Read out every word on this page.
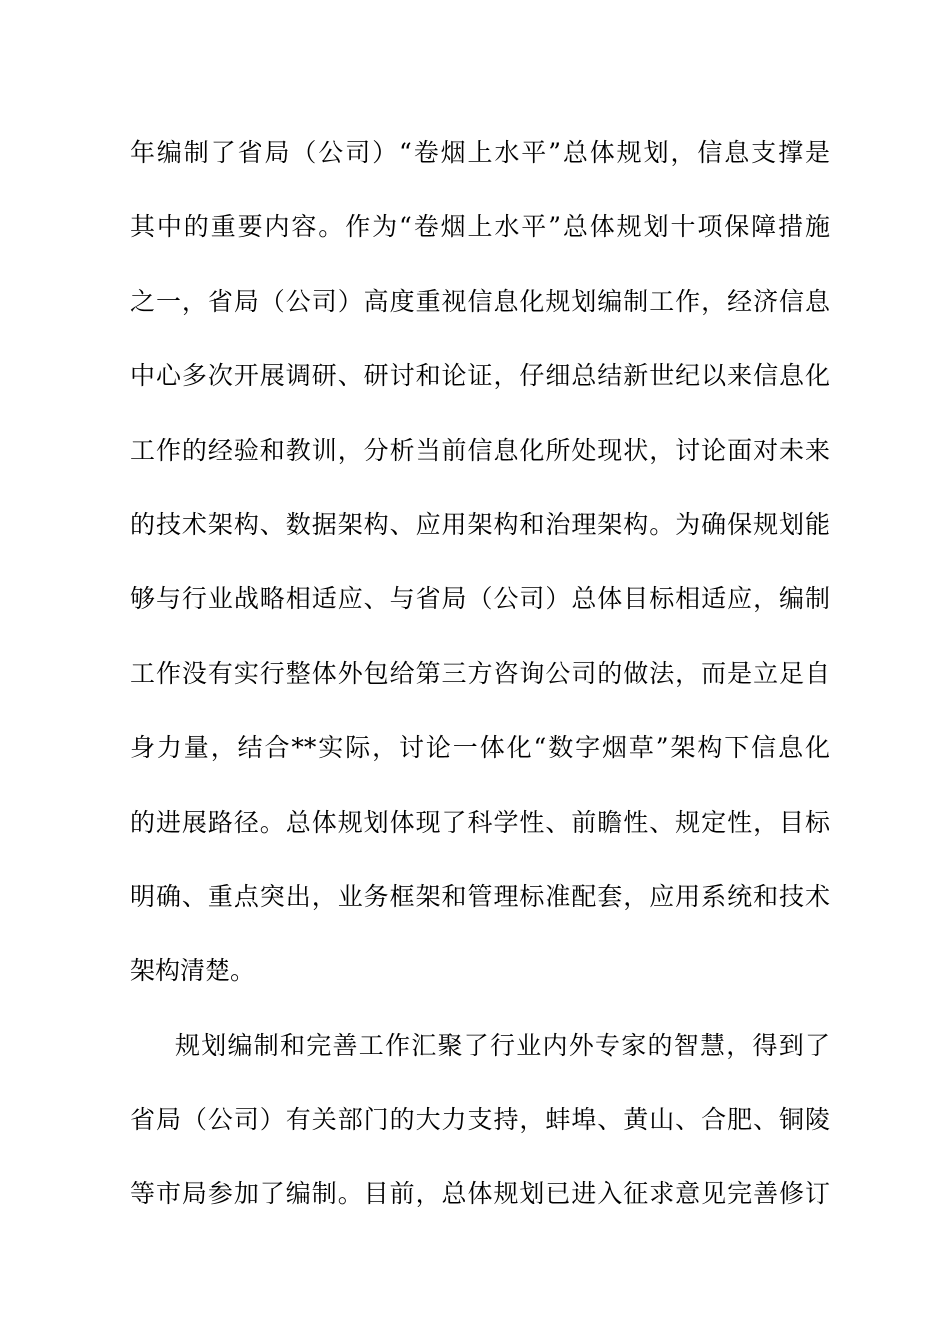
年编制了省局（公司）“卷烟上水平”总体规划，信息支撑是
其中的重要内容。作为“卷烟上水平”总体规划十项保障措施
之一，省局（公司）高度重视信息化规划编制工作，经济信息
中心多次开展调研、研讨和论证，仔细总结新世纪以来信息化
工作的经验和教训，分析当前信息化所处现状，讨论面对未来
的技术架构、数据架构、应用架构和治理架构。为确保规划能
够与行业战略相适应、与省局（公司）总体目标相适应，编制
工作没有实行整体外包给第三方咨询公司的做法，而是立足自
身力量，结合**实际，讨论一体化“数字烟草”架构下信息化
的进展路径。总体规划体现了科学性、前瞻性、规定性，目标
明确、重点突出，业务框架和管理标准配套，应用系统和技术
架构清楚。
规划编制和完善工作汇聚了行业内外专家的智慧，得到了
省局（公司）有关部门的大力支持，蚌埠、黄山、合肥、铜陵
等市局参加了编制。目前，总体规划已进入征求意见完善修订
